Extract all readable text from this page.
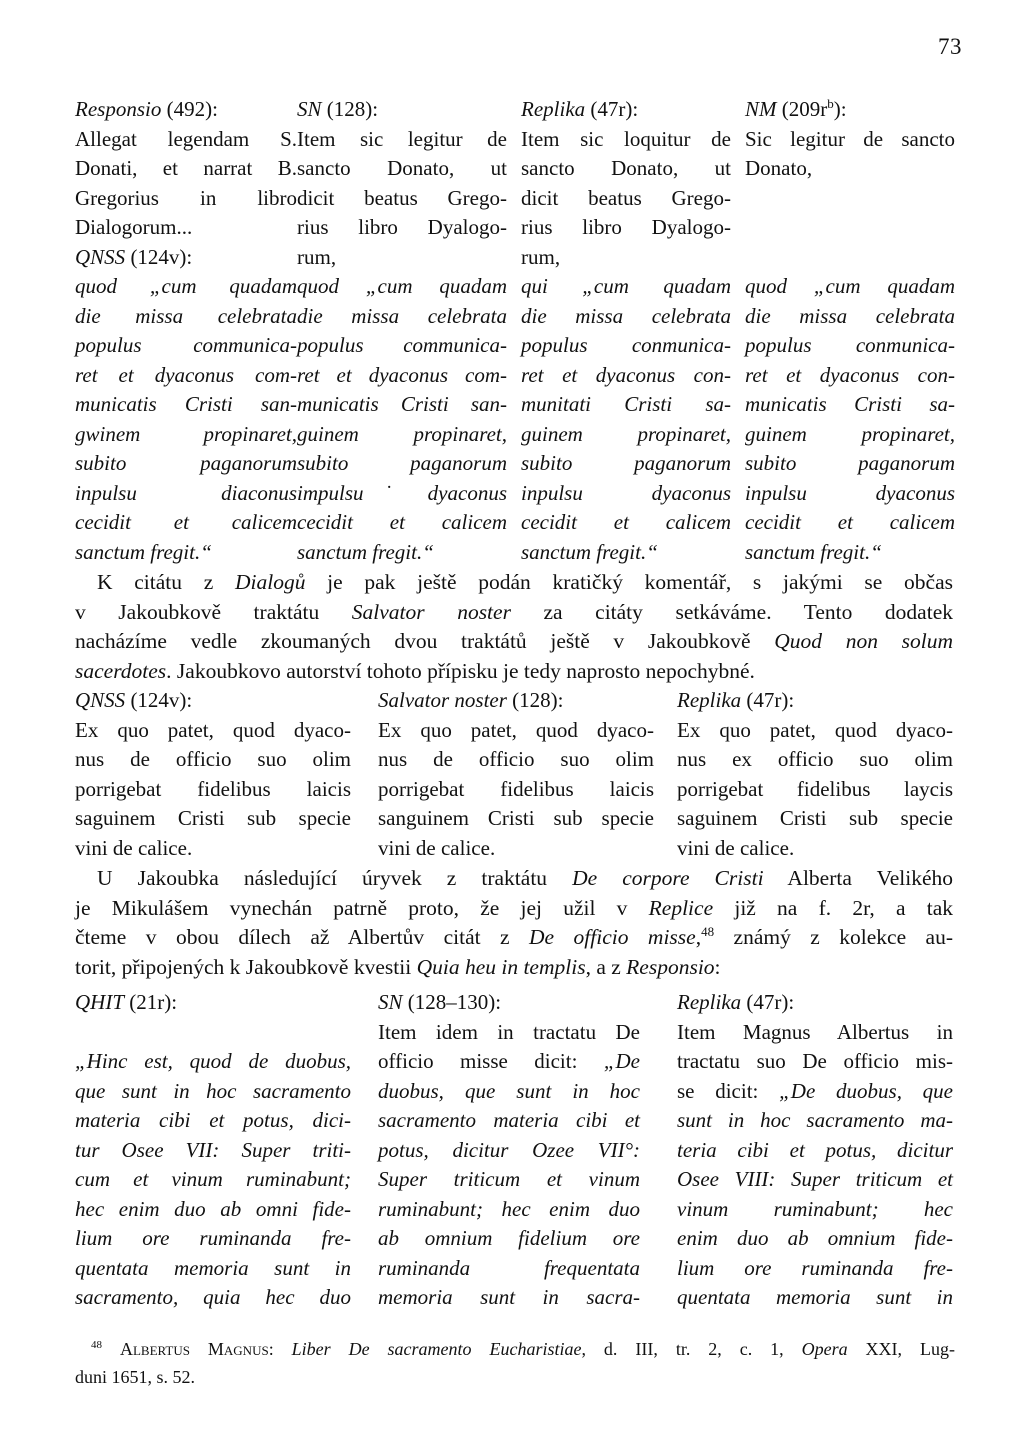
73
Responsio (492):
Allegat legendam S.
Donati, et narrat B.
Gregorius in libro
Dialogorum...
QNSS (124v):
quod „cum quadam
die missa celebrata
populus communica-
ret et dyaconus com-
municatis Cristi san-
gwinem propinaret,
subito paganorum
inpulsu diaconus
cecidit et calicem
sanctum fregit.“
SN (128):
Item sic legitur de
sancto Donato, ut
dicit beatus Grego-
rius libro Dyalogo-
rum,
quod „cum quadam
die missa celebrata
populus communica-
ret et dyaconus com-
municatis Cristi san-
guinem propinaret,
subito paganorum
impulsu ˙ dyaconus
cecidit et calicem
sanctum fregit.“
Replika (47r):
Item sic loquitur de
sancto Donato, ut
dicit beatus Grego-
rius libro Dyalogo-
rum,
qui „cum quadam
die missa celebrata
populus conmunica-
ret et dyaconus con-
munitati Cristi sa-
guinem propinaret,
subito paganorum
inpulsu dyaconus
cecidit et calicem
sanctum fregit.“
NM $(209r^b)$:
Sic legitur de sancto
Donato,

quod „cum quadam
die missa celebrata
populus conmunica-
ret et dyaconus con-
municatis Cristi sa-
guinem propinaret,
subito paganorum
inpulsu dyaconus
cecidit et calicem
sanctum fregit.“

K citátu z Dialogů je pak ještě podán kratičký komentář, s jakými se občas

v Jakoubkově traktátu Salvator noster za citáty setkáváme. Tento dodatek

nacházíme vedle zkoumaných dvou traktátů ještě v Jakoubkově Quod non solum

sacerdotes. Jakoubkovo autorství tohoto přípisku je tedy naprosto nepochybné.

QNSS (124v):
Ex quo patet, quod dyaco-
nus de officio suo olim
porrigebat fidelibus laicis
saguinem Cristi sub specie
vini de calice.
Salvator noster (128):
Ex quo patet, quod dyaco-
nus de officio suo olim
porrigebat fidelibus laicis
sanguinem Cristi sub specie
vini de calice.
Replika (47r):
Ex quo patet, quod dyaco-
nus ex officio suo olim
porrigebat fidelibus laycis
saguinem Cristi sub specie
vini de calice.

U Jakoubka následující úryvek z traktátu De corpore Cristi Alberta Velikého

je Mikulášem vynechán patrně proto, že jej užil v Replice již na f. 2r, a tak

čteme v obou dílech až Albertův citát z De officio misse,$^{48}$ známý z kolekce au-

torit, připojených k Jakoubkově kvestii Quia heu in templis, a z Responsio:

QHIT (21r):

„Hinc est, quod de duobus,
que sunt in hoc sacramento
materia cibi et potus, dici-
tur Osee VII: Super triti-
cum et vinum ruminabunt;
hec enim duo ab omni fide-
lium ore ruminanda fre-
quentata memoria sunt in
sacramento, quia hec duo
SN (128–130):
Item idem in tractatu De
officio misse dicit: „De
duobus, que sunt in hoc
sacramento materia cibi et
potus, dicitur Ozee VII°:
Super triticum et vinum
ruminabunt; hec enim duo
ab omnium fidelium ore
ruminanda frequentata
memoria sunt in sacra-
Replika (47r):
Item Magnus Albertus in
tractatu suo De officio mis-
se dicit: „De duobus, que
sunt in hoc sacramento ma-
teria cibi et potus, dicitur
Osee VIII: Super triticum et
vinum ruminabunt; hec
enim duo ab omnium fide-
lium ore ruminanda fre-
quentata memoria sunt in
$^{48}$ Albertus Magnus: Liber De sacramento Eucharistiae, d. III, tr. 2, c. 1, Opera XXI, Lug-
duni 1651, s. 52.
